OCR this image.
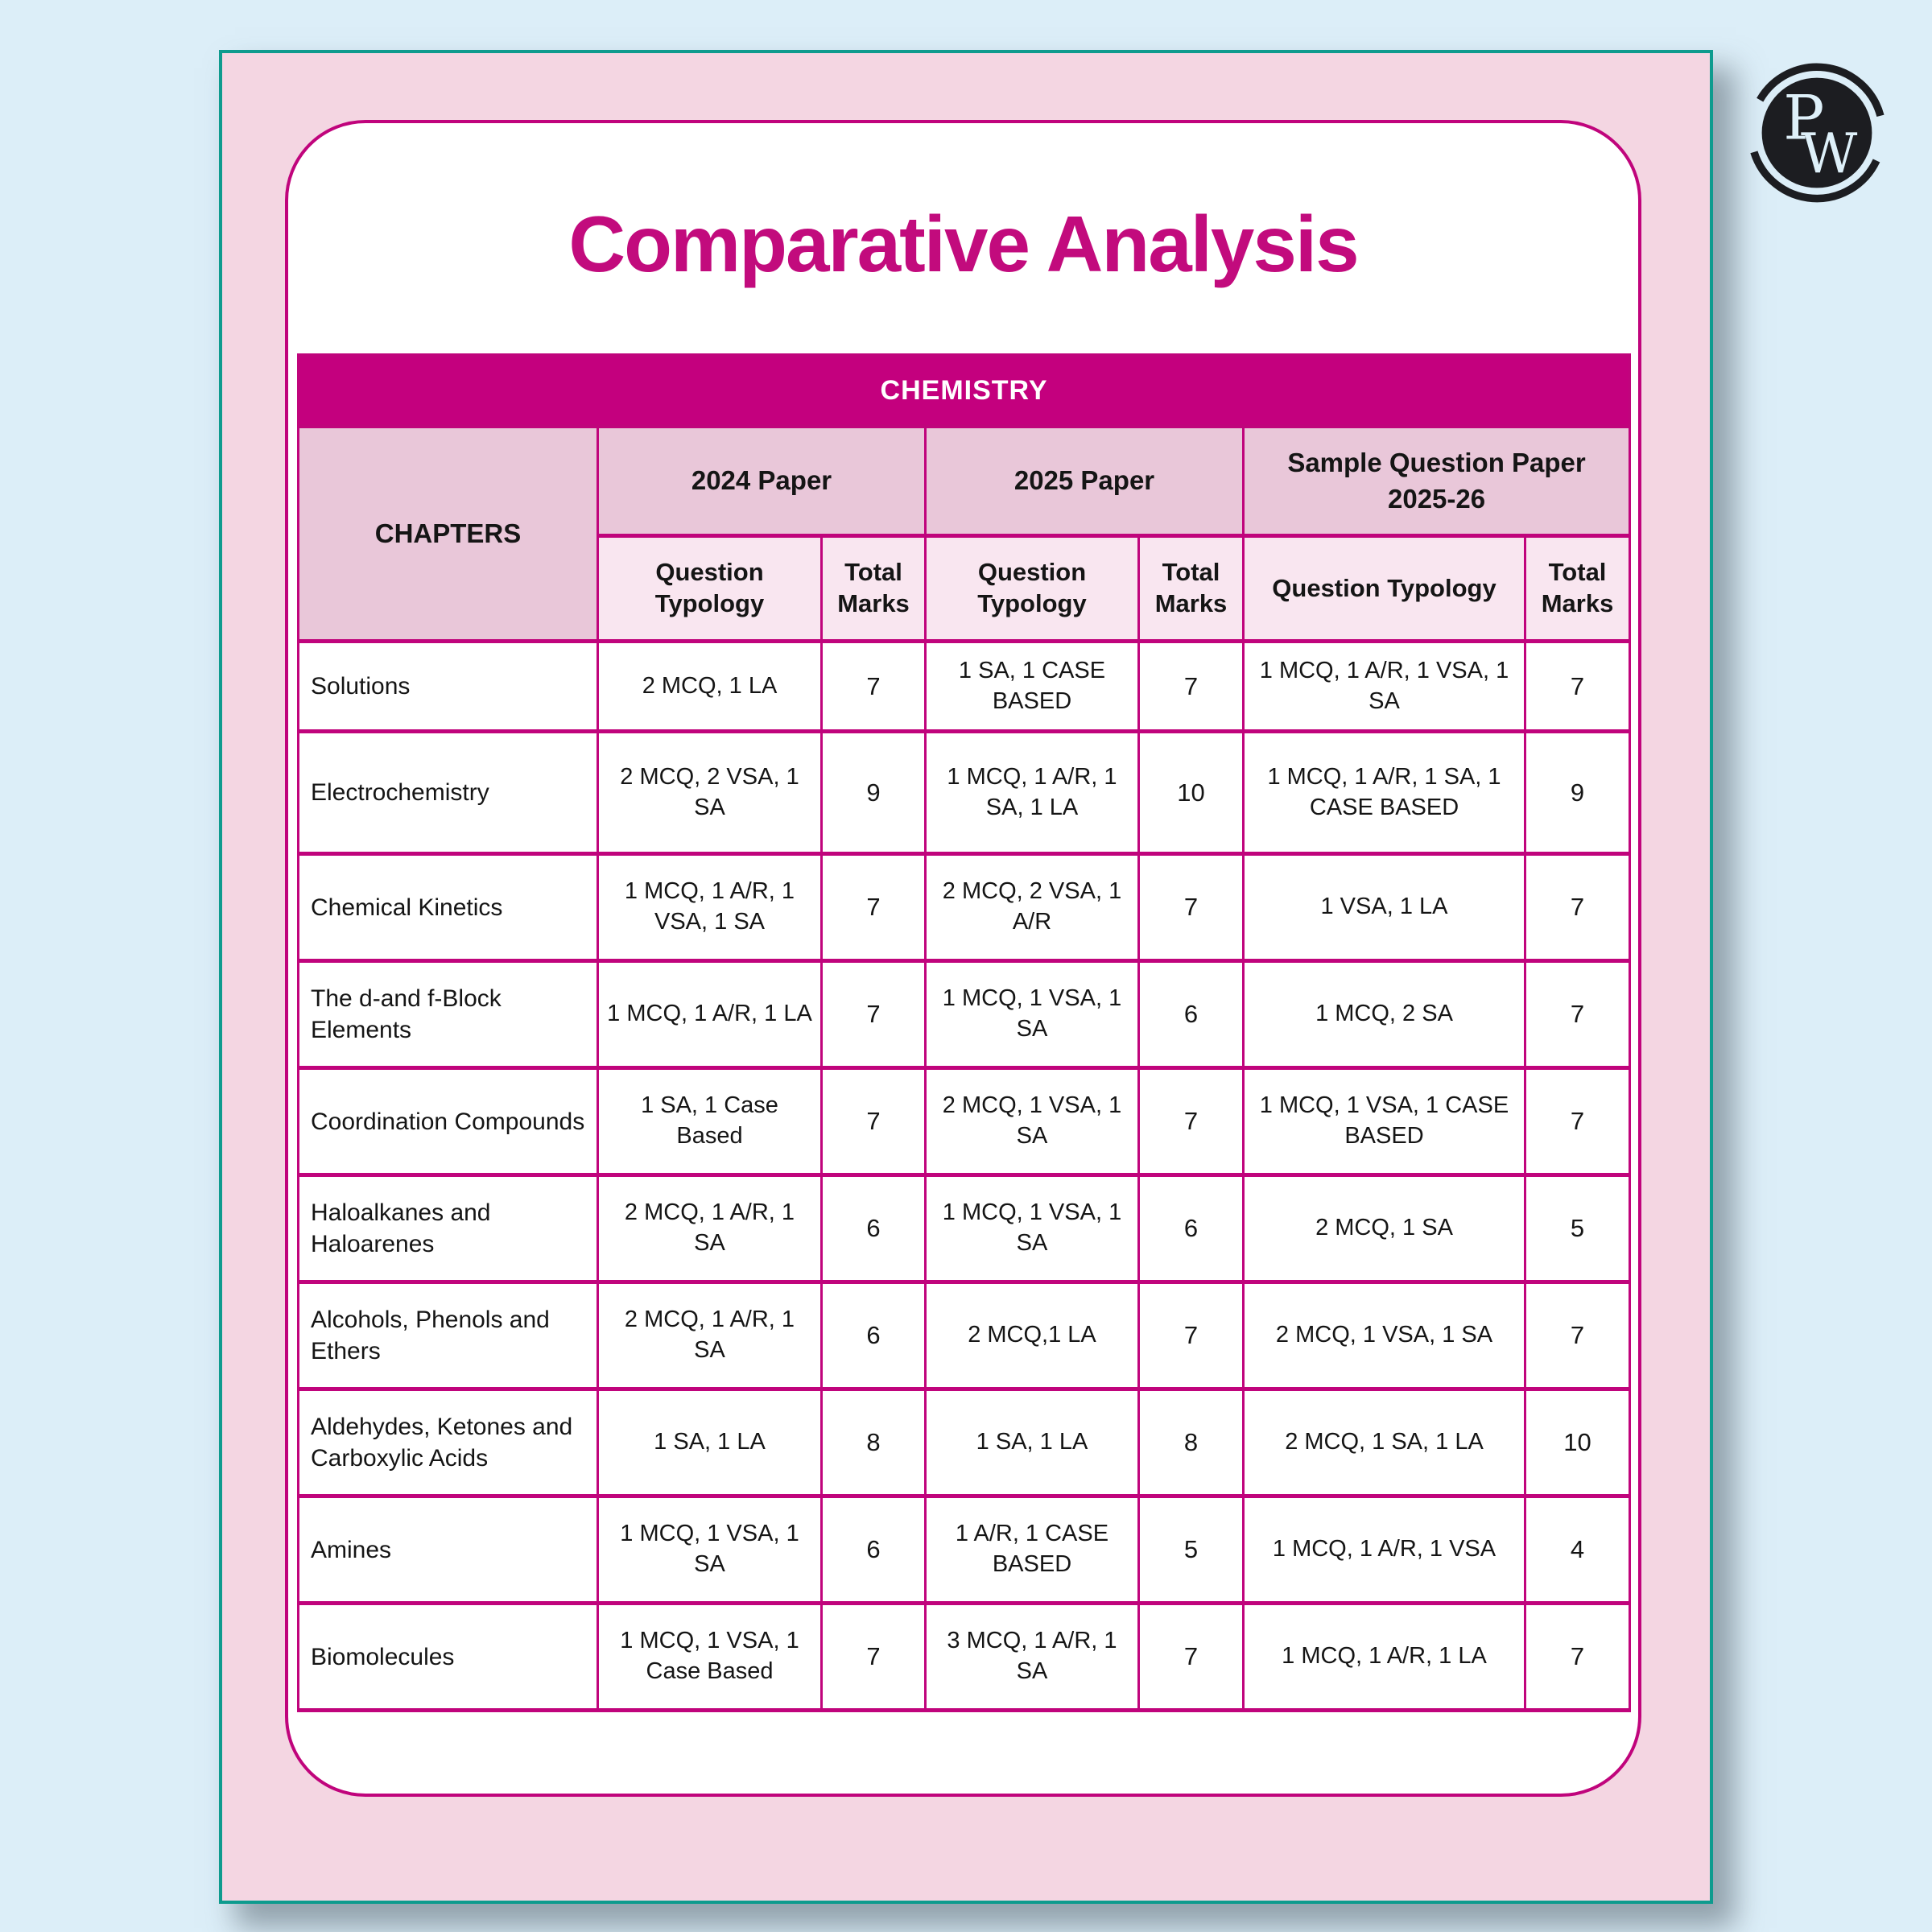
Comparative Analysis
CHEMISTRY						
CHAPTERS	2024 Paper		2025 Paper		Sample Question Paper 2025-26	
	Question Typology	Total Marks	Question Typology	Total Marks	Question Typology	Total Marks
Solutions	2 MCQ, 1 LA	7	1 SA, 1 CASE BASED	7	1 MCQ, 1 A/R, 1 VSA, 1 SA	7
Electrochemistry	2 MCQ, 2 VSA, 1 SA	9	1 MCQ, 1 A/R, 1 SA, 1 LA	10	1 MCQ, 1 A/R, 1 SA, 1 CASE BASED	9
Chemical Kinetics	1 MCQ, 1 A/R, 1 VSA, 1 SA	7	2 MCQ, 2 VSA, 1 A/R	7	1 VSA, 1 LA	7
The d-and f-Block Elements	1 MCQ, 1 A/R, 1 LA	7	1 MCQ, 1 VSA, 1 SA	6	1 MCQ, 2 SA	7
Coordination Compounds	1 SA, 1 Case Based	7	2 MCQ, 1 VSA, 1 SA	7	1 MCQ, 1 VSA, 1 CASE BASED	7
Haloalkanes and Haloarenes	2 MCQ, 1 A/R, 1 SA	6	1 MCQ, 1 VSA, 1 SA	6	2 MCQ, 1 SA	5
Alcohols, Phenols and Ethers	2 MCQ, 1 A/R, 1 SA	6	2 MCQ,1 LA	7	2 MCQ, 1 VSA, 1 SA	7
Aldehydes, Ketones and Carboxylic Acids	1 SA, 1 LA	8	1 SA, 1 LA	8	2 MCQ, 1 SA, 1 LA	10
Amines	1 MCQ, 1 VSA, 1 SA	6	1 A/R, 1 CASE BASED	5	1 MCQ, 1 A/R, 1 VSA	4
Biomolecules	1 MCQ, 1 VSA, 1 Case Based	7	3 MCQ, 1 A/R, 1 SA	7	1 MCQ, 1 A/R, 1 LA	7
P
W
